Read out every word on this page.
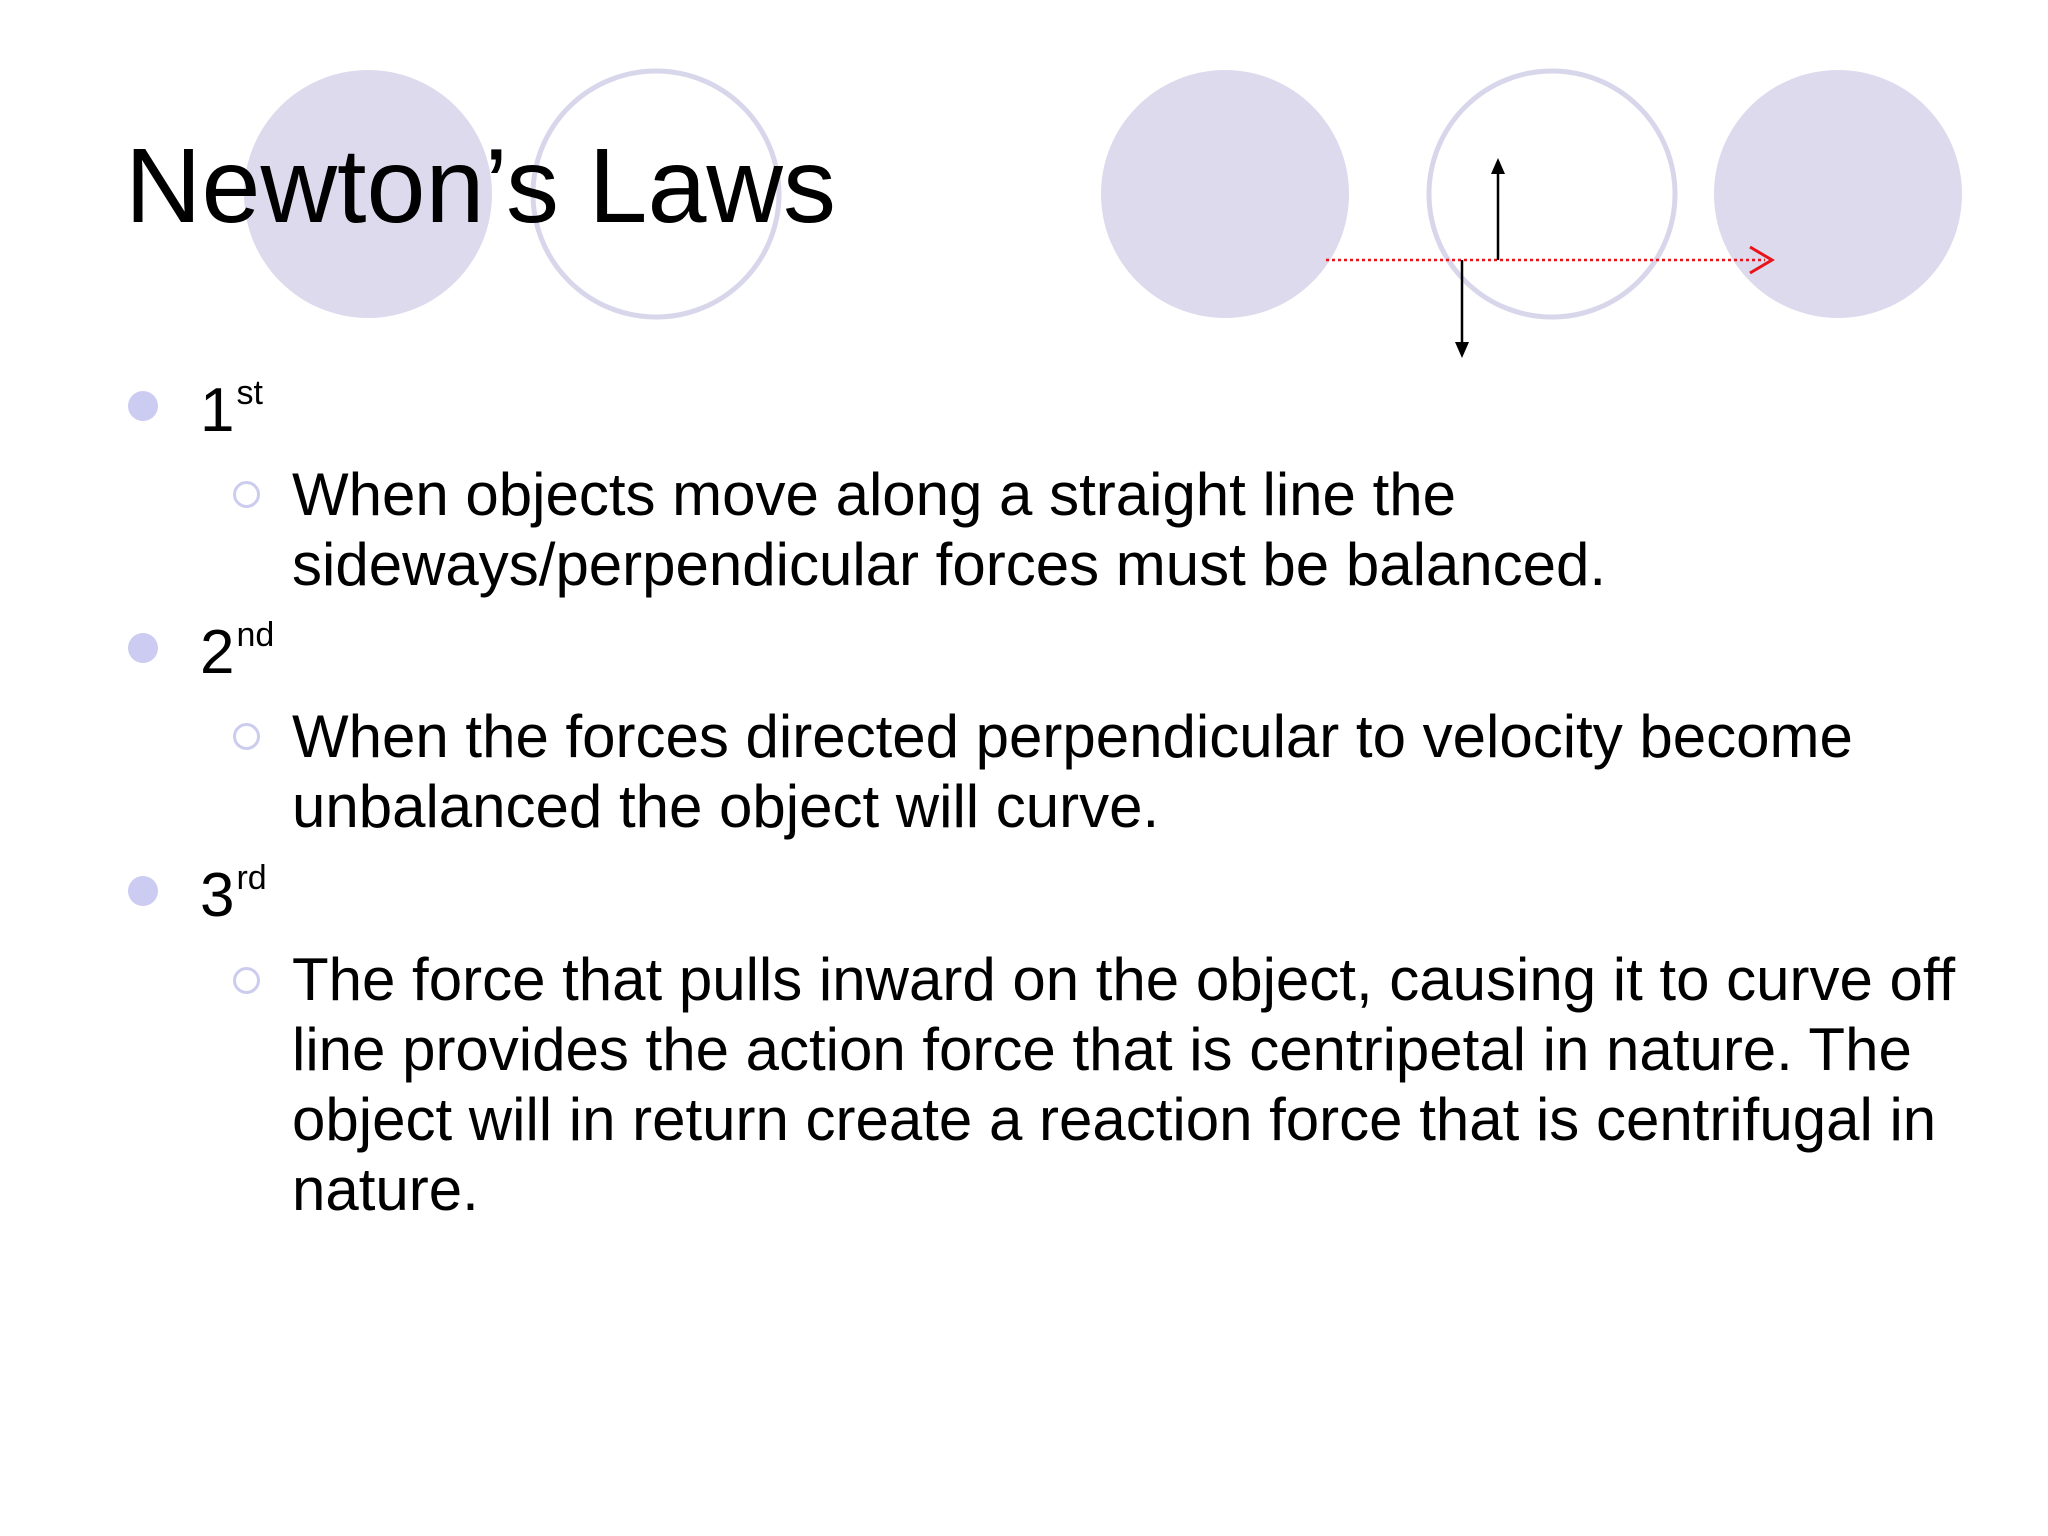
Newton’s Laws
1st
When objects move along a straight line the sideways/perpendicular forces must be balanced.
2nd
When the forces directed perpendicular to velocity become unbalanced the object will curve.
3rd
The force that pulls inward on the object, causing it to curve off line provides the action force that is centripetal in nature. The object will in return create a reaction force that is centrifugal in nature.
